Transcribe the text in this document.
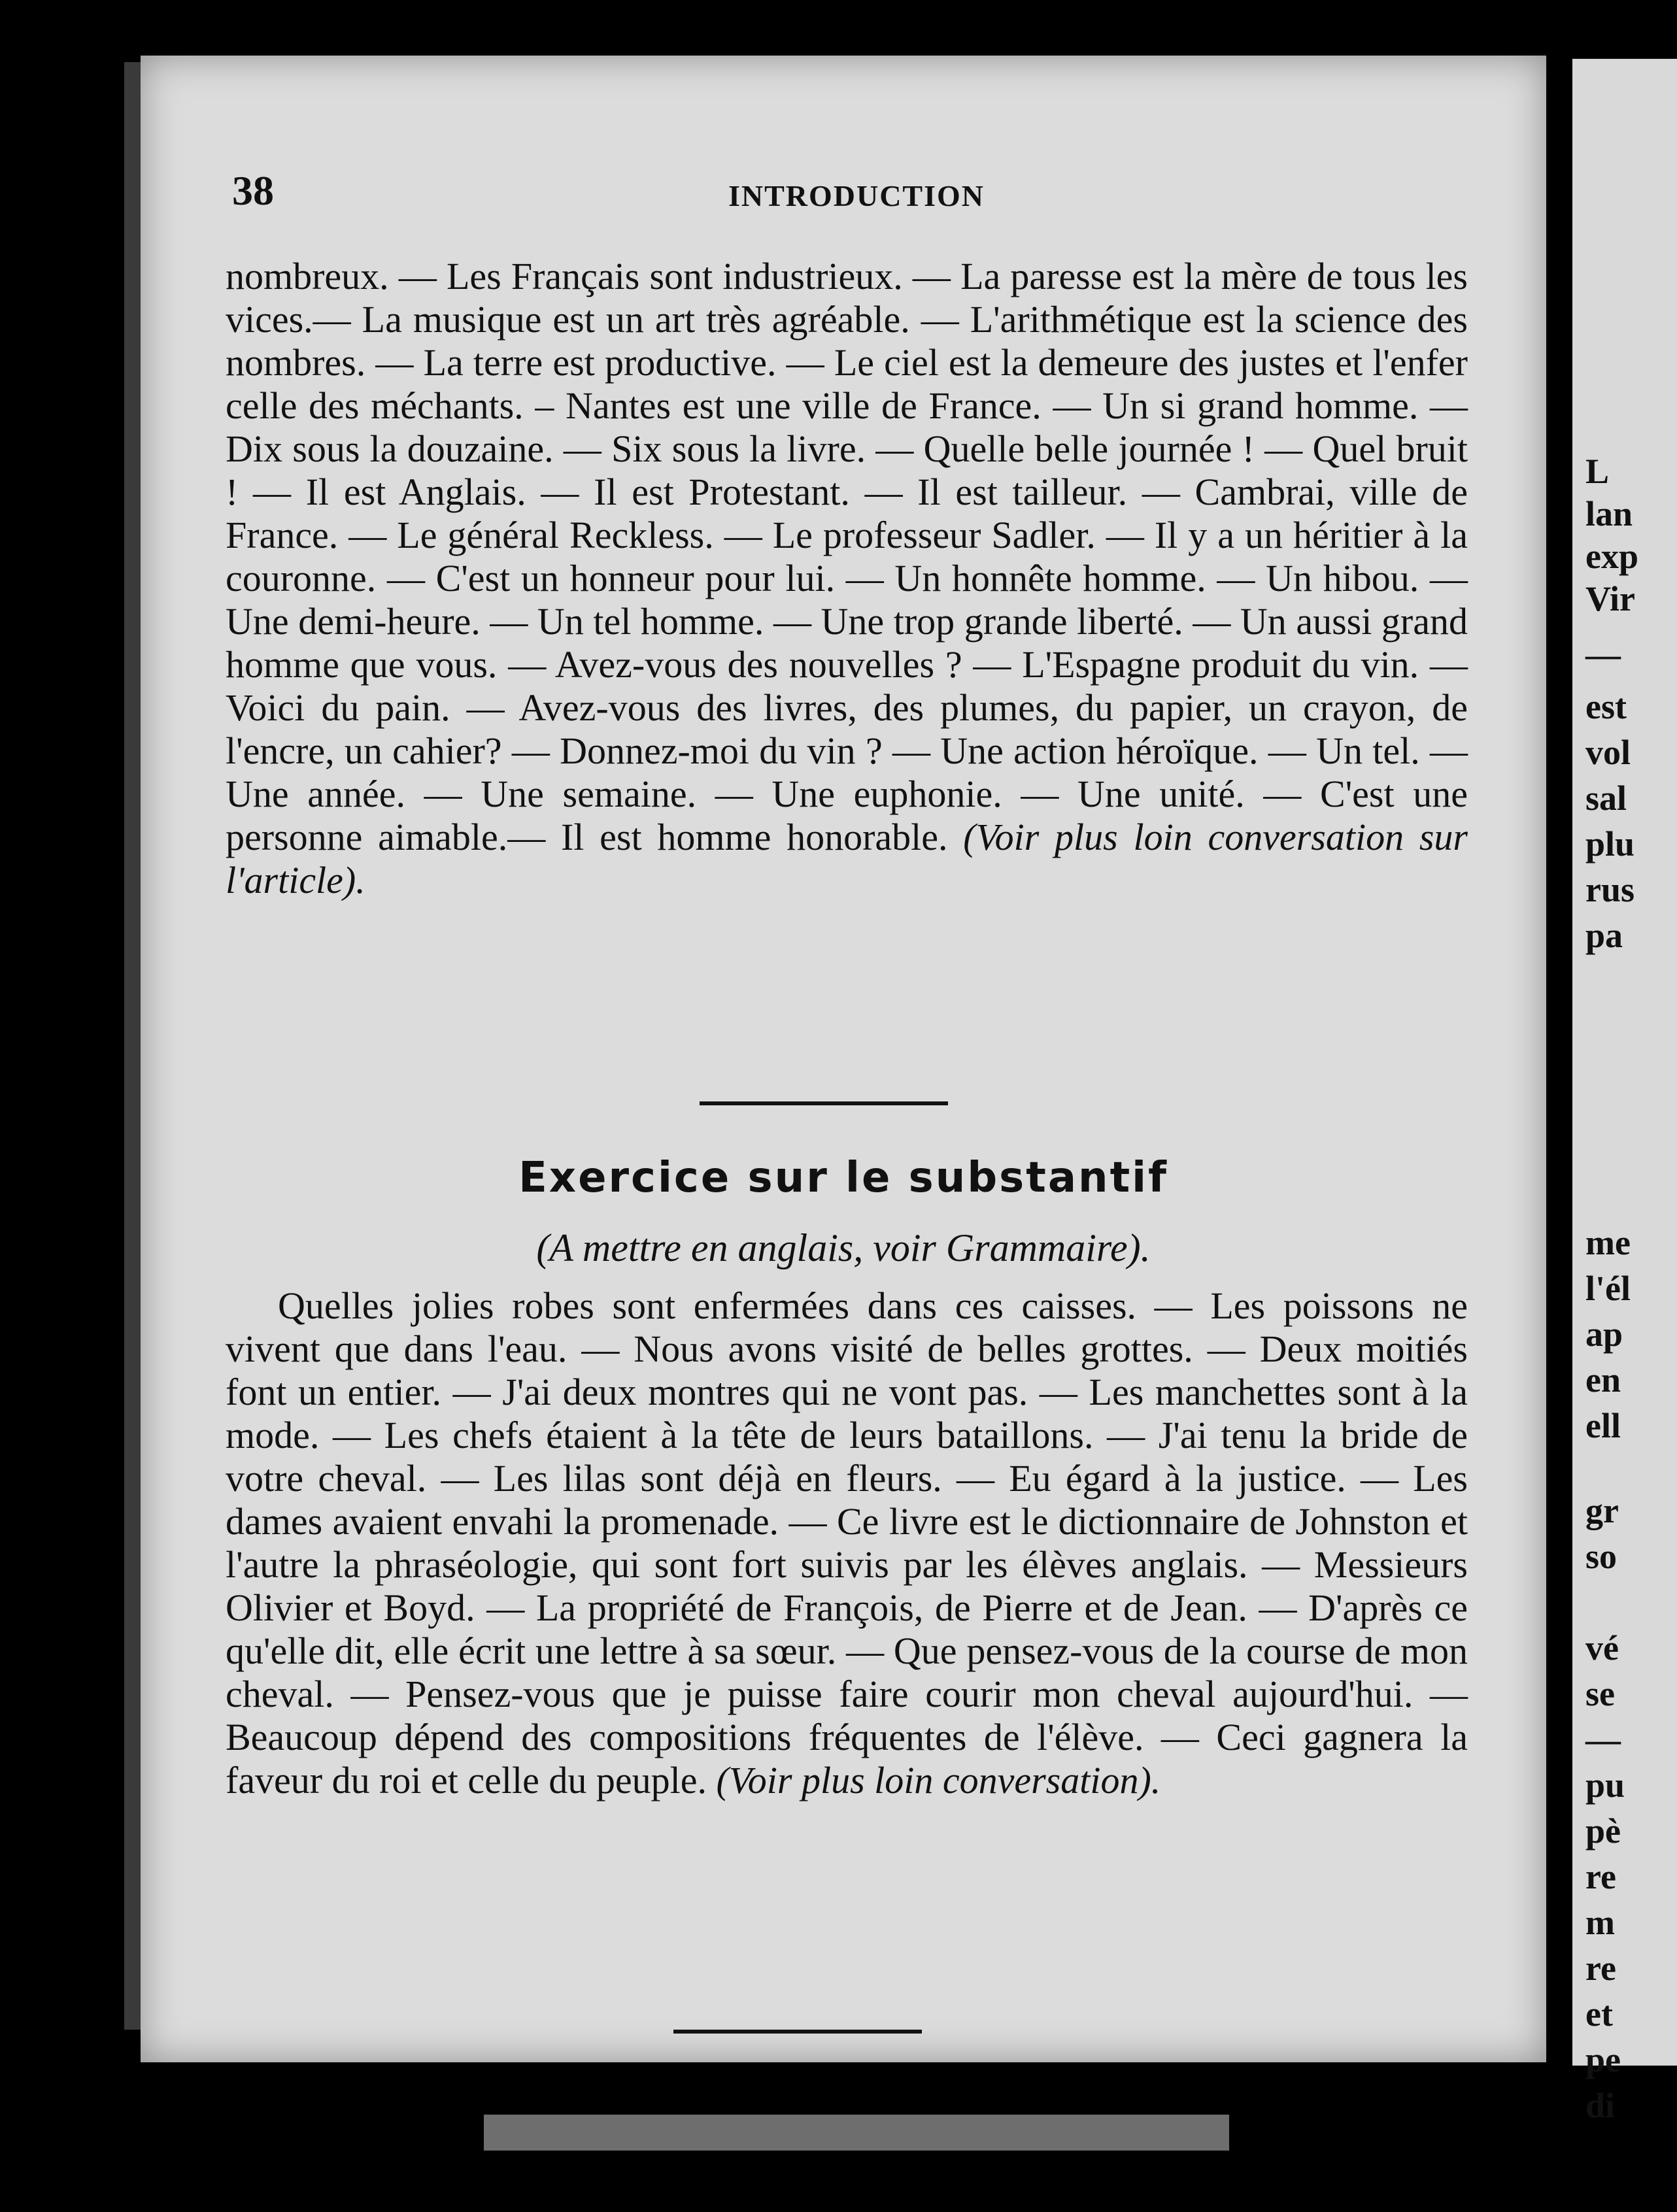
38	INTRODUCTION

nombreux. — Les Français sont industrieux. — La paresse est la mère de tous les vices.— La musique est un art très agréable. — L'arithmétique est la science des nombres. — La terre est productive. — Le ciel est la demeure des justes et l'enfer celle des méchants. – Nantes est une ville de France. — Un si grand homme. — Dix sous la douzaine. — Six sous la livre. — Quelle belle journée ! — Quel bruit ! — Il est Anglais. — Il est Protestant. — Il est tailleur. — Cambrai, ville de France. — Le général Reckless. — Le professeur Sadler. — Il y a un héritier à la couronne. — C'est un honneur pour lui. — Un honnête homme. — Un hibou. — Une demi-heure. — Un tel homme. — Une trop grande liberté. — Un aussi grand homme que vous. — Avez-vous des nouvelles ? — L'Espagne produit du vin. — Voici du pain. — Avez-vous des livres, des plumes, du papier, un crayon, de l'encre, un cahier? — Donnez-moi du vin ? — Une action héroïque. — Un tel. — Une année. — Une semaine. — Une euphonie. — Une unité. — C'est une personne aimable.— Il est homme honorable. (Voir plus loin conversation sur l'article).

Exercice sur le substantif
(A mettre en anglais, voir Grammaire).

Quelles jolies robes sont enfermées dans ces caisses. — Les poissons ne vivent que dans l'eau. — Nous avons visité de belles grottes. — Deux moitiés font un entier. — J'ai deux montres qui ne vont pas. — Les manchettes sont à la mode. — Les chefs étaient à la tête de leurs bataillons. — J'ai tenu la bride de votre cheval. — Les lilas sont déjà en fleurs. — Eu égard à la justice. — Les dames avaient envahi la promenade. — Ce livre est le dictionnaire de Johnston et l'autre la phraséologie, qui sont fort suivis par les élèves anglais. — Messieurs Olivier et Boyd. — La propriété de François, de Pierre et de Jean. — D'après ce qu'elle dit, elle écrit une lettre à sa sœur. — Que pensez-vous de la course de mon cheval. — Pensez-vous que je puisse faire courir mon cheval aujourd'hui. — Beaucoup dépend des compositions fréquentes de l'élève. — Ceci gagnera la faveur du roi et celle du peuple. (Voir plus loin conversation).

L
lan
exp
Vir
—
est
vol
sal
plu
rus
pa
me
l'él
ap
en
ell
gr
so
vé
se
—
pu
pè
re
m
re
et
pe
di
